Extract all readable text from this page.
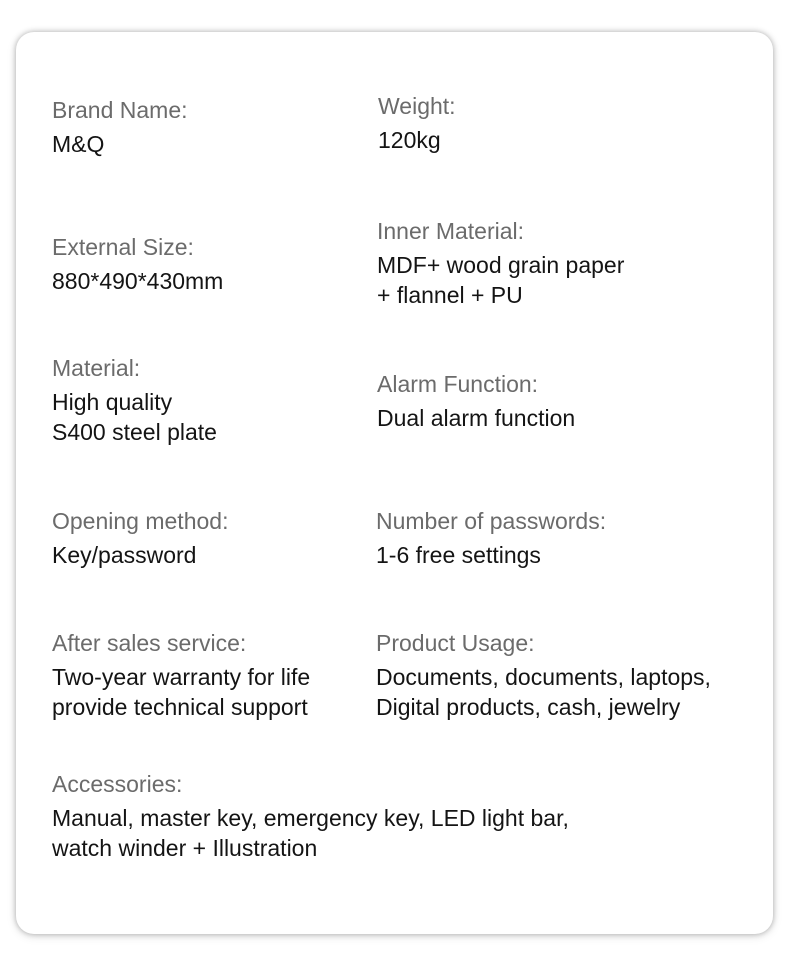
Brand Name:
M&Q
Weight:
120kg
External Size:
880*490*430mm
Inner Material:
MDF+ wood grain paper
+ flannel + PU
Material:
High quality
S400 steel plate
Alarm Function:
Dual alarm function
Opening method:
Key/password
Number of passwords:
1-6 free settings
After sales service:
Two-year warranty for life
provide technical support
Product Usage:
Documents, documents, laptops,
Digital products, cash, jewelry
Accessories:
Manual, master key, emergency key, LED light bar,
watch winder + Illustration
